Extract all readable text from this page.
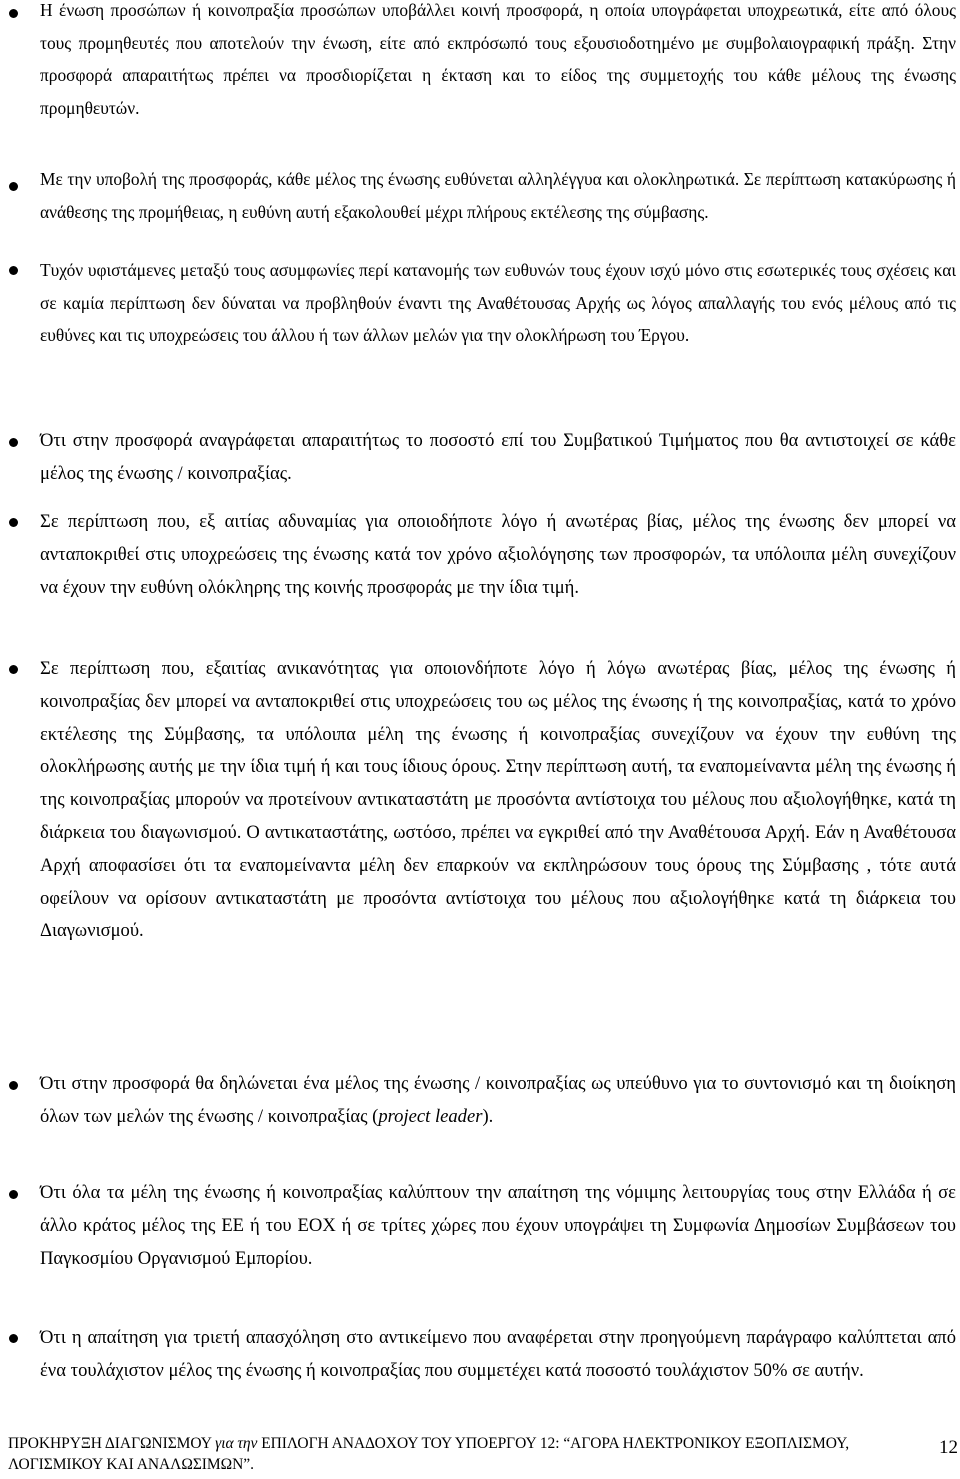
Η ένωση προσώπων ή κοινοπραξία προσώπων υποβάλλει κοινή προσφορά, η οποία υπογράφεται υποχρεωτικά, είτε από όλους τους προμηθευτές που αποτελούν την ένωση, είτε από εκπρόσωπό τους εξουσιοδοτημένο με συμβολαιογραφική πράξη. Στην προσφορά απαραιτήτως πρέπει να προσδιορίζεται η έκταση και το είδος της συμμετοχής του κάθε μέλους της ένωσης προμηθευτών.

Με την υποβολή της προσφοράς, κάθε μέλος της ένωσης ευθύνεται αλληλέγγυα και ολοκληρωτικά. Σε περίπτωση κατακύρωσης ή ανάθεσης της προμήθειας, η ευθύνη αυτή εξακολουθεί μέχρι πλήρους εκτέλεσης της σύμβασης.

Τυχόν υφιστάμενες μεταξύ τους ασυμφωνίες περί κατανομής των ευθυνών τους έχουν ισχύ μόνο στις εσωτερικές τους σχέσεις και σε καμία περίπτωση δεν δύναται να προβληθούν έναντι της Αναθέτουσας Αρχής ως λόγος απαλλαγής του ενός μέλους από τις ευθύνες και τις υποχρεώσεις του άλλου ή των άλλων μελών για την ολοκλήρωση του Έργου.

Ότι στην προσφορά αναγράφεται απαραιτήτως το ποσοστό επί του Συμβατικού Τιμήματος που θα αντιστοιχεί σε κάθε μέλος της ένωσης / κοινοπραξίας.

Σε περίπτωση που, εξ αιτίας αδυναμίας για οποιοδήποτε λόγο ή ανωτέρας βίας, μέλος της ένωσης δεν μπορεί να ανταποκριθεί στις υποχρεώσεις της ένωσης κατά τον χρόνο αξιολόγησης των προσφορών, τα υπόλοιπα μέλη συνεχίζουν να έχουν την ευθύνη ολόκληρης της κοινής προσφοράς με την ίδια τιμή.

Σε περίπτωση που, εξαιτίας ανικανότητας για οποιονδήποτε λόγο ή λόγω ανωτέρας βίας, μέλος της ένωσης ή κοινοπραξίας δεν μπορεί να ανταποκριθεί στις υποχρεώσεις του ως μέλος της ένωσης ή της κοινοπραξίας, κατά το χρόνο εκτέλεσης της Σύμβασης, τα υπόλοιπα μέλη της ένωσης ή κοινοπραξίας συνεχίζουν να έχουν την ευθύνη της ολοκλήρωσης αυτής με την ίδια τιμή ή και τους ίδιους όρους. Στην περίπτωση αυτή, τα εναπομείναντα μέλη της ένωσης ή της κοινοπραξίας μπορούν να προτείνουν αντικαταστάτη με προσόντα αντίστοιχα του μέλους που αξιολογήθηκε, κατά τη διάρκεια του διαγωνισμού. Ο αντικαταστάτης, ωστόσο, πρέπει να εγκριθεί από την Αναθέτουσα Αρχή. Εάν η Αναθέτουσα Αρχή αποφασίσει ότι τα εναπομείναντα μέλη δεν επαρκούν να εκπληρώσουν τους όρους της Σύμβασης , τότε αυτά οφείλουν να ορίσουν αντικαταστάτη με προσόντα αντίστοιχα του μέλους που αξιολογήθηκε κατά τη διάρκεια του Διαγωνισμού.

Ότι στην προσφορά θα δηλώνεται ένα μέλος της ένωσης / κοινοπραξίας ως υπεύθυνο για το συντονισμό και τη διοίκηση όλων των μελών της ένωσης / κοινοπραξίας (project leader).

Ότι όλα τα μέλη της ένωσης ή κοινοπραξίας καλύπτουν την απαίτηση της νόμιμης λειτουργίας τους στην Ελλάδα ή σε άλλο κράτος μέλος της ΕΕ ή του ΕΟΧ ή σε τρίτες χώρες που έχουν υπογράψει τη Συμφωνία Δημοσίων Συμβάσεων του Παγκοσμίου Οργανισμού Εμπορίου.

Ότι η απαίτηση για τριετή απασχόληση στο αντικείμενο που αναφέρεται στην προηγούμενη παράγραφο καλύπτεται από ένα τουλάχιστον μέλος της ένωσης ή κοινοπραξίας που συμμετέχει κατά ποσοστό τουλάχιστον 50% σε αυτήν.

ΠΡΟΚΗΡΥΞΗ ΔΙΑΓΩΝΙΣΜΟΥ για την ΕΠΙΛΟΓΗ ΑΝΑΔΟΧΟΥ ΤΟΥ ΥΠΟΕΡΓΟΥ 12: “ΑΓΟΡΑ ΗΛΕΚΤΡΟΝΙΚΟΥ ΕΞΟΠΛΙΣΜΟΥ, ΛΟΓΙΣΜΙΚΟΥ ΚΑΙ ΑΝΑΛΩΣΙΜΩΝ”.
12
